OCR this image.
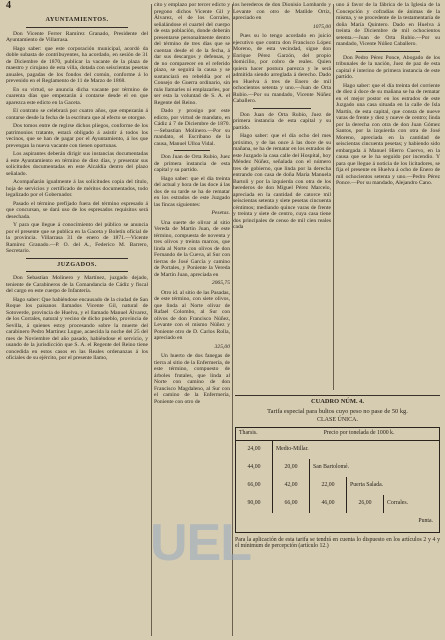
4
AYUNTAMIENTOS.

Don Vicente Ferrer Ramírez Granado, Presidente del Ayuntamiento de Villarrasa.

Hago saber: que este corporación municipal, acordó da doble subasta de contribuyentes, ha acordado, en sesión de 31 de Diciembre de 1870, publicar la vacante de la plaza de maestro y cirujano de esta villa, dotada con seiscientas pesetas anuales, pagadas de los fondos del común, conforme á lo prevenido en el Reglamento de 11 de Marzo de 1868.

En su virtud, se anuncia dicha vacante por término de cuarenta días que empezarán á contarse desde el en que aparezca este edicto en la Gaceta.

El contrato se celebrará por cuatro años, que empezarán á contarse desde la fecha de la escritura que al efecto se otorgue.

Dos tomos entre de regirse dichos pliegos, conforme de los patrimonios tratante, estará obligado á asistir á todos los vecinos, que se han de pagar por el Ayuntamiento, á los que prevengan la nueva vacante con tienen oportunas.

Los aspirantes deberán dirigir sus instancias documentadas á este Ayuntamiento en término de diez días, y presentar sus solicitudes documentadas en este Alcaldía dentro del plazo señalado.

Acompañarán igualmente á las solicitudes copia del título, hoja de servicios y certificado de méritos documentados, todo legalizado por el Gobernador.

Pasado el término prefijado fuera del término espresado á que concursan, se dará uso de los espresados requisitos será desechada.

Y para que llegue á conocimiento del público se anuncia por el presente que se publica en la Gaceta y Boletín oficial de la provincia. Villarrasa 31 de enero de 1871.—Vicente Ramírez Granado.—P. O. del A., Federico M. Barrero, Secretario.

JUZGADOS.

Don Sebastian Molinero y Martínez, juzgado dejado, teniente de Carabineros de la Comandancia de Cádiz y fiscal del cargo en este cuerpo de Infantería.

Hago saber: Que habiéndose encausado de la ciudad de San Roque los paisanos llamados Vicente Gil, natural de Sotoverde, provincia de Huelva, y el llamado Manuel Álvarez, de los Corrales, natural y vecino de dicho pueblo, provincia de Sevilla, á quienes estoy procesando sobre la muerte del carabinero Pedro Martínez Lugue, acaecida la noche del 25 del mes de Noviembre del año pasado, habiéndose el servicio, y usando de la jurisdicción que S. A. el Regente del Reino tiene concedida en estos casos en las Reales ordenanzas á los oficiales de su ejército, por el presente llamo,

cito y emplazo por tercer edicto y pregono dichos Vicente Gil y Álvarez, el de los Corrales, señalándose el cuartel del cuerpo de esta población, donde deberán presentarse personalmente dentro del término de tres días que se cuentan desde el de la fecha, á dar sus descargos y defensas, y de no comparecer en el referido plazo, se seguirá la causa y se sustanciará en rebeldía por el Consejo de Guerra ordinario, sin más llamarles ni emplazarles, por ser esta la voluntad de S. A. el Regente del Reino.

Dado y prosigo por este edicto, por virtud de mandato, en Cádiz á 7 de Diciembre de 1870.—Sebastian Molinero.—Por su mandato, el Escribano de la causa, Manuel Ulloa Vidal.

Don Juan de Orta Rubio, Juez de primera instancia de esta capital y su partido.

Hago saber: que el día treinta del actual y hora de las doce á las dos de su tarde se ha de rematar en los estrados de este Juzgado las fincas siguientes:

Pesetas.

Una suerte de olivar al sitio Vereda de Martin Juan, de este término, compuesta de noventa y tres olivos y treinta marcos, que linda al Norte con olivos de don Fernando de la Cueva, al Sur con tierras de José García y camino de Portales, y Poniente la Vereda de Martín Juan, apreciada en

2065,75

Otro id. al sitio de las Pasadas, de este término, con siete olivos, que linda al Norte olivar de Rafael Colombo, al Sur con olivos de don Francisco Núñez, Levante con el mismo Núñez y Poniente otro de D. Carlos Rolla, apreciado en

325,00

Un huerto de dos fanegas de tierra al sitio de la Enfermería, de este término, compuesto de árboles frutales, que linda al Norte con camino de don Francisco Magdaleno, al Sur con el camino de la Enfermería, Poniente con otro de

los herederos de don Dionisio Lombardo y Levante con otro de Matilde Ortiz, apreciado en

1075,00

Pues su lo tengo acordado en juicio ejecutivo que contra don Francisco López Moreno, de esta vecindad, sigue don Enrique Pérez Garzón, del propio domicilio, por cobro de reales. Quien quiera hacer postura parezca y le será admitida siendo arreglada á derecho. Dado en Huelva á tres de Enero de mil ochocientos setenta y uno.—Juan de Orta Rubio.—Por su mandado, Vicente Núñez Caballero.

Don Juan de Orta Rubio, Juez de primera instancia de esta capital y su partido.

Hago saber: que el día ocho del mes próximo, y de las once á las doce de su mañana, se ha de rematar en los estrados de este Juzgado la casa calle del Hospital, hoy Méndez Núñez, señalada con el número tres de gobierno, que linda por la derecha entrando con casa de doña María Manuela Bartoli y por la izquierda con otra de los herederos de don Miguel Pérez Marcelo, apreciada en la cantidad de catorce mil seiscientas setenta y siete pesetas cincuenta céntimos; mediando quince varas de frente y treinta y siete de centro, cuya casa tiene dos principales de censo de mil cien reales cada

uno á favor de la fábrica de la Iglesia de la Concepción y cofradías de ánimas de la misma, y se procedente de la testamentaría de doña María Quintero. Dado en Huelva á treinta de Diciembre de mil ochocientos setenta.—Juan de Orta Rubio.—Por su mandado, Vicente Núñez Caballero.

Don Pedro Pérez Ponce, Abogado de los tribunales de la nación, Juez de paz de esta capital é interino de primera instancia de este partido.

Hago saber: que el día treinta del corriente de diez á doce de su mañana se ha de rematar en el mejor postor en los estrados de este Juzgado una casa situada en la calle de Isla Martín, de esta capital, que consta de nueve varas de frente y diez y nueve de centro; linda por la derecha con otra de don Juan Gómez Santos, por la izquierda con otra de José Moreno, apreciada en la cantidad de seiscientas cincuenta pesetas; y habiendo sido embargada á Manuel Hierro Cuervo, en la causa que se le ha seguido por incendio. Y para que llegue á noticia de los licitadores, se fija el presente en Huelva á ocho de Enero de mil ochocientos setenta y uno.—Pedro Pérez Ponce.—Por su mandado, Alejandro Cano.

CUADRO NÚM. 4.
Tarifa especial para bultos cuyo peso no pase de 50 kg.
CLASE ÚNICA.
Tharsis.	Precio por tonelada de 1000 k.
24,00	Medio-Millar.
44,00	20,00	San Bartolomé.
66,00	42,00	22,00	Puerta Salada.
90,00	66,00	46,00	26,00	Corrales.
Punta.
Para la aplicación de esta tarifa se tendrá en cuenta lo dispuesto en los artículos 2 y 4 y el mínimum de percepción (artículo 12.)
UEL
